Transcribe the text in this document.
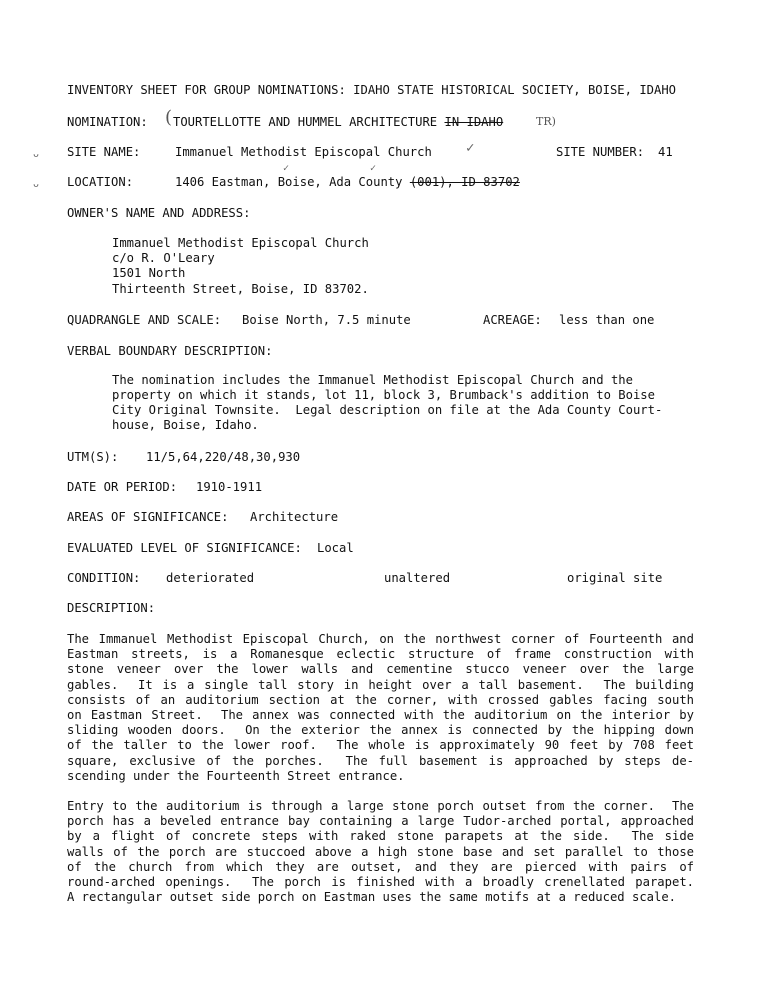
INVENTORY SHEET FOR GROUP NOMINATIONS: IDAHO STATE HISTORICAL SOCIETY, BOISE, IDAHO
NOMINATION: ( TOURTELLOTTE AND HUMMEL ARCHITECTURE IN IDAHO	TR)
ᴗ SITE NAME:	Immanuel Methodist Episcopal Church ✓	SITE NUMBER: 41
ᴗ
✓	✓
LOCATION:	1406 Eastman, Boise, Ada County (001), ID 83702
OWNER'S NAME AND ADDRESS:
Immanuel Methodist Episcopal Church
c/o R. O'Leary
1501 North
Thirteenth Street, Boise, ID 83702.
QUADRANGLE AND SCALE: Boise North, 7.5 minute	ACREAGE: less than one
VERBAL BOUNDARY DESCRIPTION:
The nomination includes the Immanuel Methodist Episcopal Church and the
property on which it stands, lot 11, block 3, Brumback's addition to Boise
City Original Townsite.  Legal description on file at the Ada County Court-
house, Boise, Idaho.
UTM(S): 11/5,64,220/48,30,930
DATE OR PERIOD: 1910-1911
AREAS OF SIGNIFICANCE: Architecture
EVALUATED LEVEL OF SIGNIFICANCE: Local
CONDITION: deteriorated	unaltered	original site
DESCRIPTION:
The Immanuel Methodist Episcopal Church, on the northwest corner of Fourteenth and
Eastman streets, is a Romanesque eclectic structure of frame construction with
stone veneer over the lower walls and cementine stucco veneer over the large
gables.  It is a single tall story in height over a tall basement.  The building
consists of an auditorium section at the corner, with crossed gables facing south
on Eastman Street.  The annex was connected with the auditorium on the interior by
sliding wooden doors.  On the exterior the annex is connected by the hipping down
of the taller to the lower roof.  The whole is approximately 90 feet by 708 feet
square, exclusive of the porches.  The full basement is approached by steps de-
scending under the Fourteenth Street entrance.
Entry to the auditorium is through a large stone porch outset from the corner.  The
porch has a beveled entrance bay containing a large Tudor-arched portal, approached
by a flight of concrete steps with raked stone parapets at the side.  The side
walls of the porch are stuccoed above a high stone base and set parallel to those
of the church from which they are outset, and they are pierced with pairs of
round-arched openings.  The porch is finished with a broadly crenellated parapet.
A rectangular outset side porch on Eastman uses the same motifs at a reduced scale.
